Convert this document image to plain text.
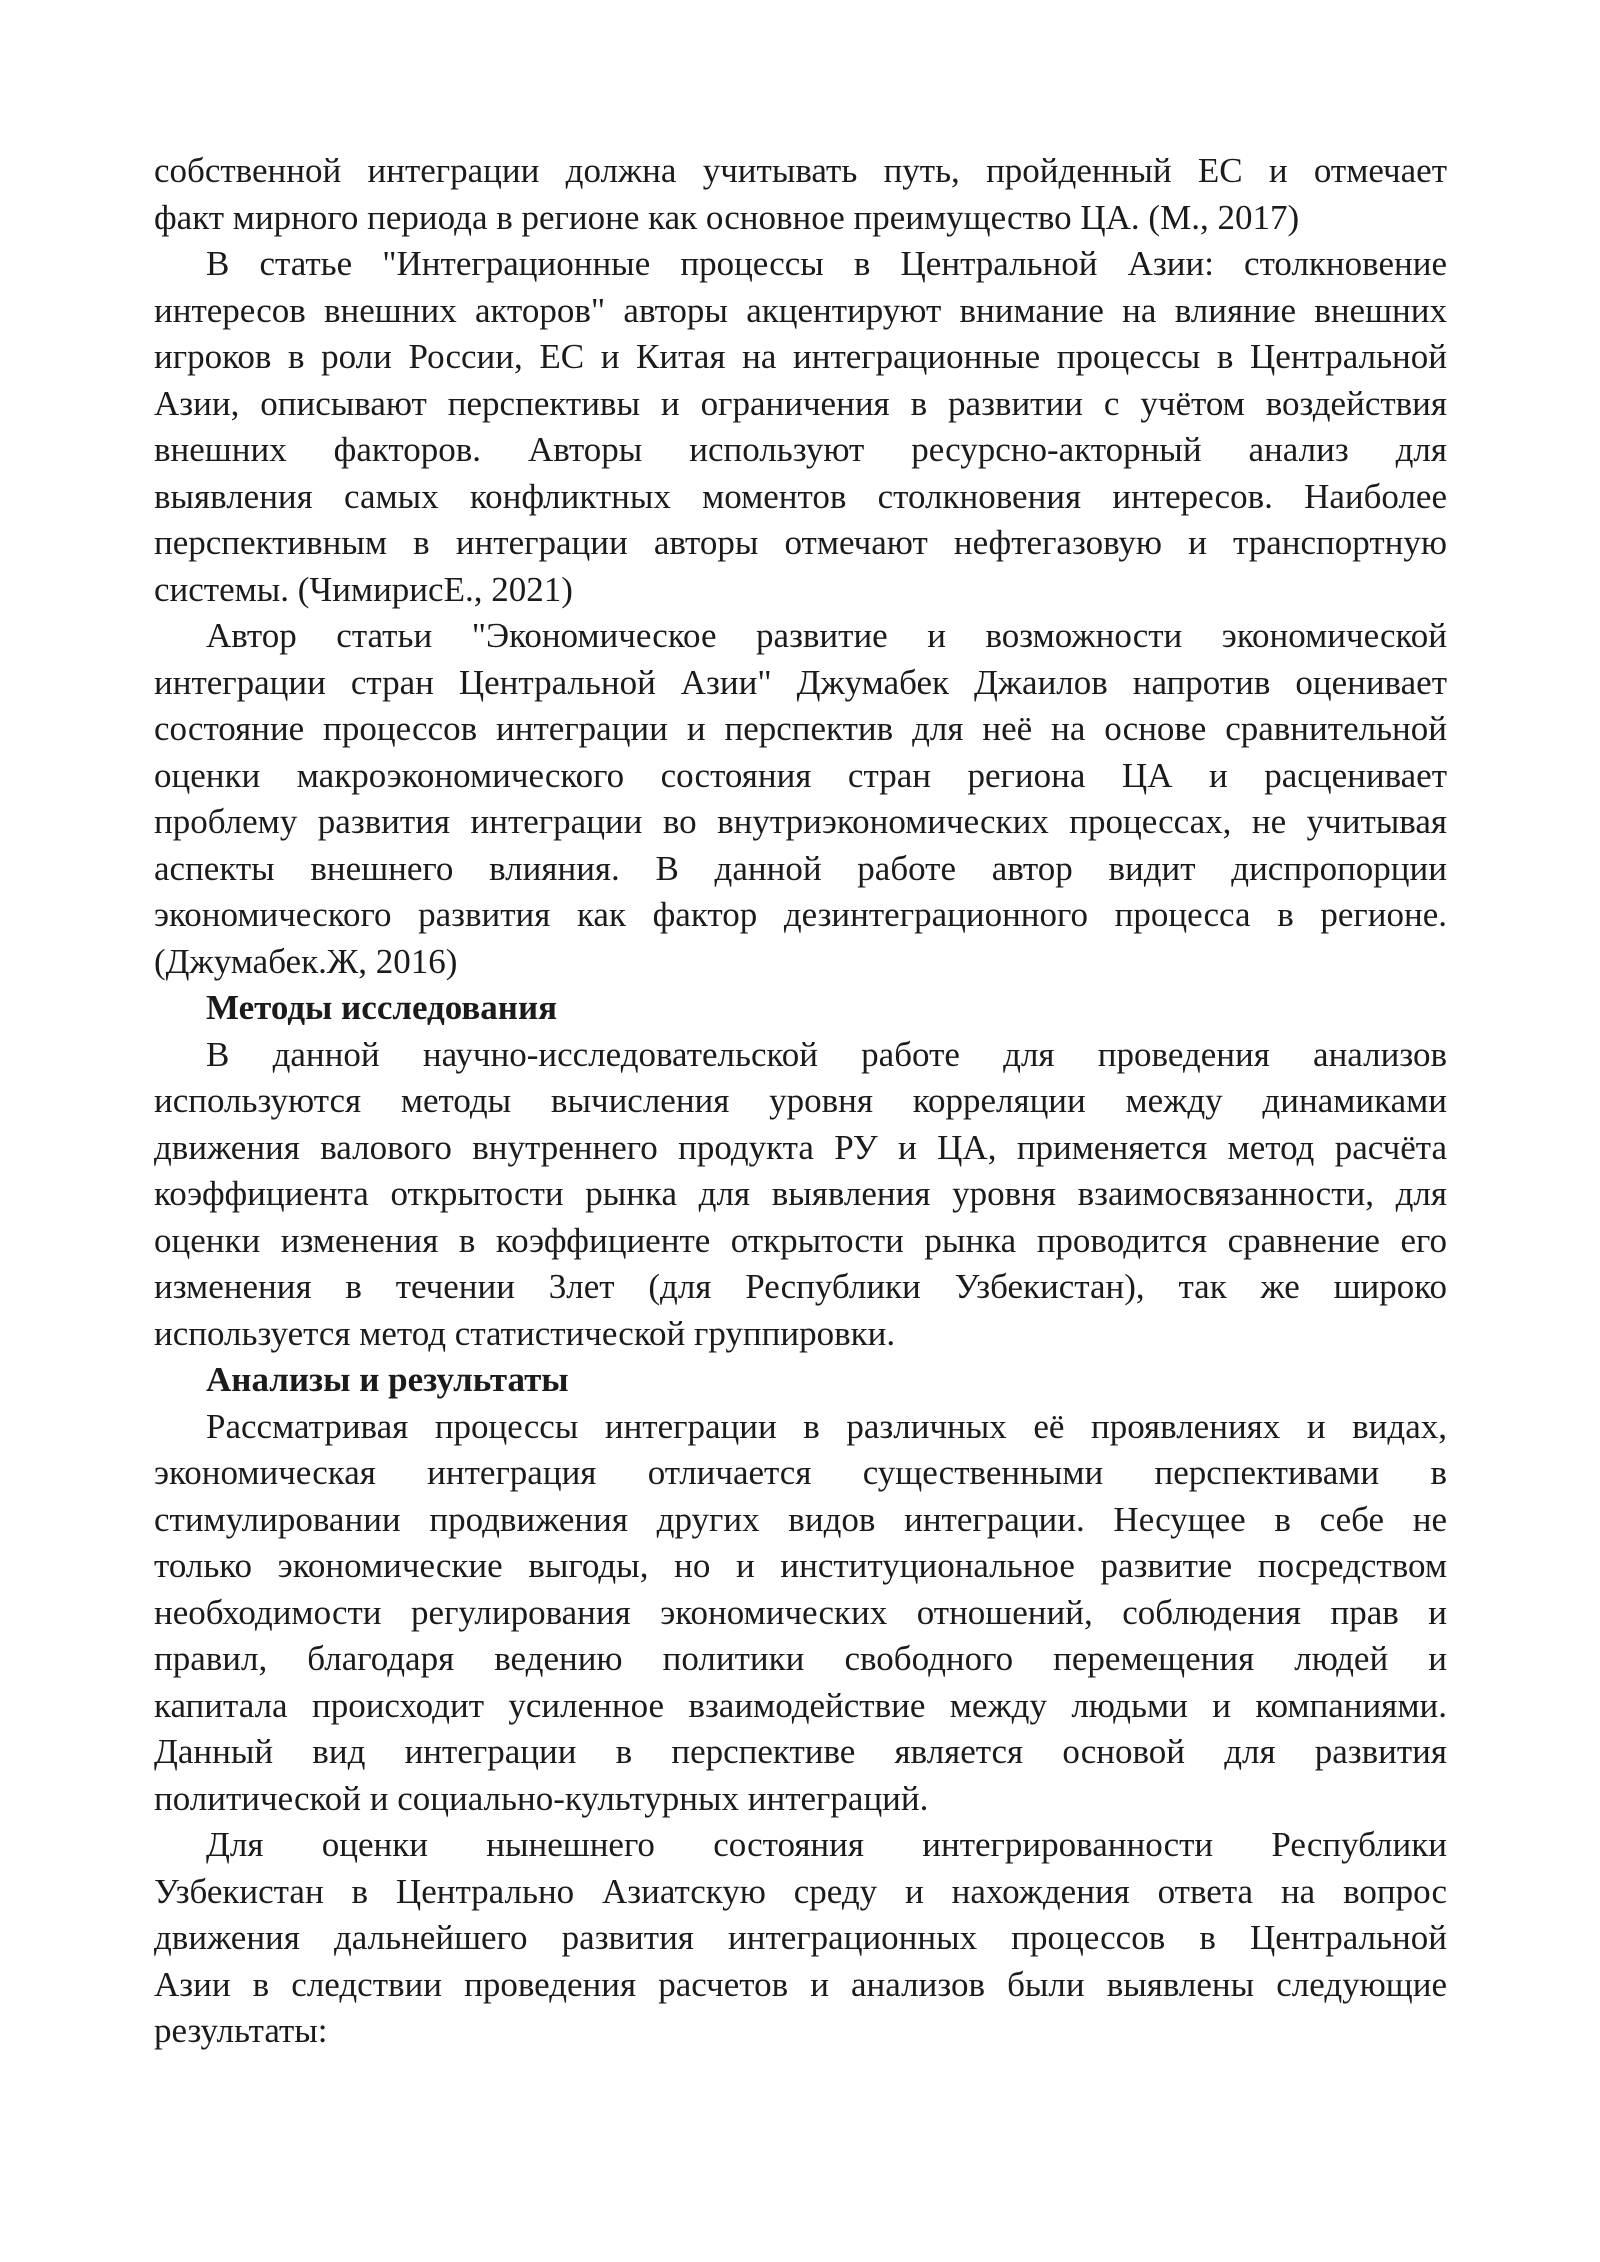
собственной интеграции должна учитывать путь, пройденный ЕС и отмечает
факт мирного периода в регионе как основное преимущество ЦА. (М., 2017)
В статье "Интеграционные процессы в Центральной Азии: столкновение
интересов внешних акторов" авторы акцентируют внимание на влияние внешних
игроков в роли России, ЕС и Китая на интеграционные процессы в Центральной
Азии, описывают перспективы и ограничения в развитии с учётом воздействия
внешних факторов. Авторы используют ресурсно-акторный анализ для
выявления самых конфликтных моментов столкновения интересов. Наиболее
перспективным в интеграции авторы отмечают нефтегазовую и транспортную
системы. (ЧимирисЕ., 2021)
Автор статьи "Экономическое развитие и возможности экономической
интеграции стран Центральной Азии" Джумабек Джаилов напротив оценивает
состояние процессов интеграции и перспектив для неё на основе сравнительной
оценки макроэкономического состояния стран региона ЦА и расценивает
проблему развития интеграции во внутриэкономических процессах, не учитывая
аспекты внешнего влияния. В данной работе автор видит диспропорции
экономического развития как фактор дезинтеграционного процесса в регионе.
(Джумабек.Ж, 2016)
Методы исследования
В данной научно-исследовательской работе для проведения анализов
используются методы вычисления уровня корреляции между динамиками
движения валового внутреннего продукта РУ и ЦА, применяется метод расчёта
коэффициента открытости рынка для выявления уровня взаимосвязанности, для
оценки изменения в коэффициенте открытости рынка проводится сравнение его
изменения в течении 3лет (для Республики Узбекистан), так же широко
используется метод статистической группировки.
Анализы и результаты
Рассматривая процессы интеграции в различных её проявлениях и видах,
экономическая интеграция отличается существенными перспективами в
стимулировании продвижения других видов интеграции. Несущее в себе не
только экономические выгоды, но и институциональное развитие посредством
необходимости регулирования экономических отношений, соблюдения прав и
правил, благодаря ведению политики свободного перемещения людей и
капитала происходит усиленное взаимодействие между людьми и компаниями.
Данный вид интеграции в перспективе является основой для развития
политической и социально-культурных интеграций.
Для оценки нынешнего состояния интегрированности Республики
Узбекистан в Центрально Азиатскую среду и нахождения ответа на вопрос
движения дальнейшего развития интеграционных процессов в Центральной
Азии в следствии проведения расчетов и анализов были выявлены следующие
результаты:
